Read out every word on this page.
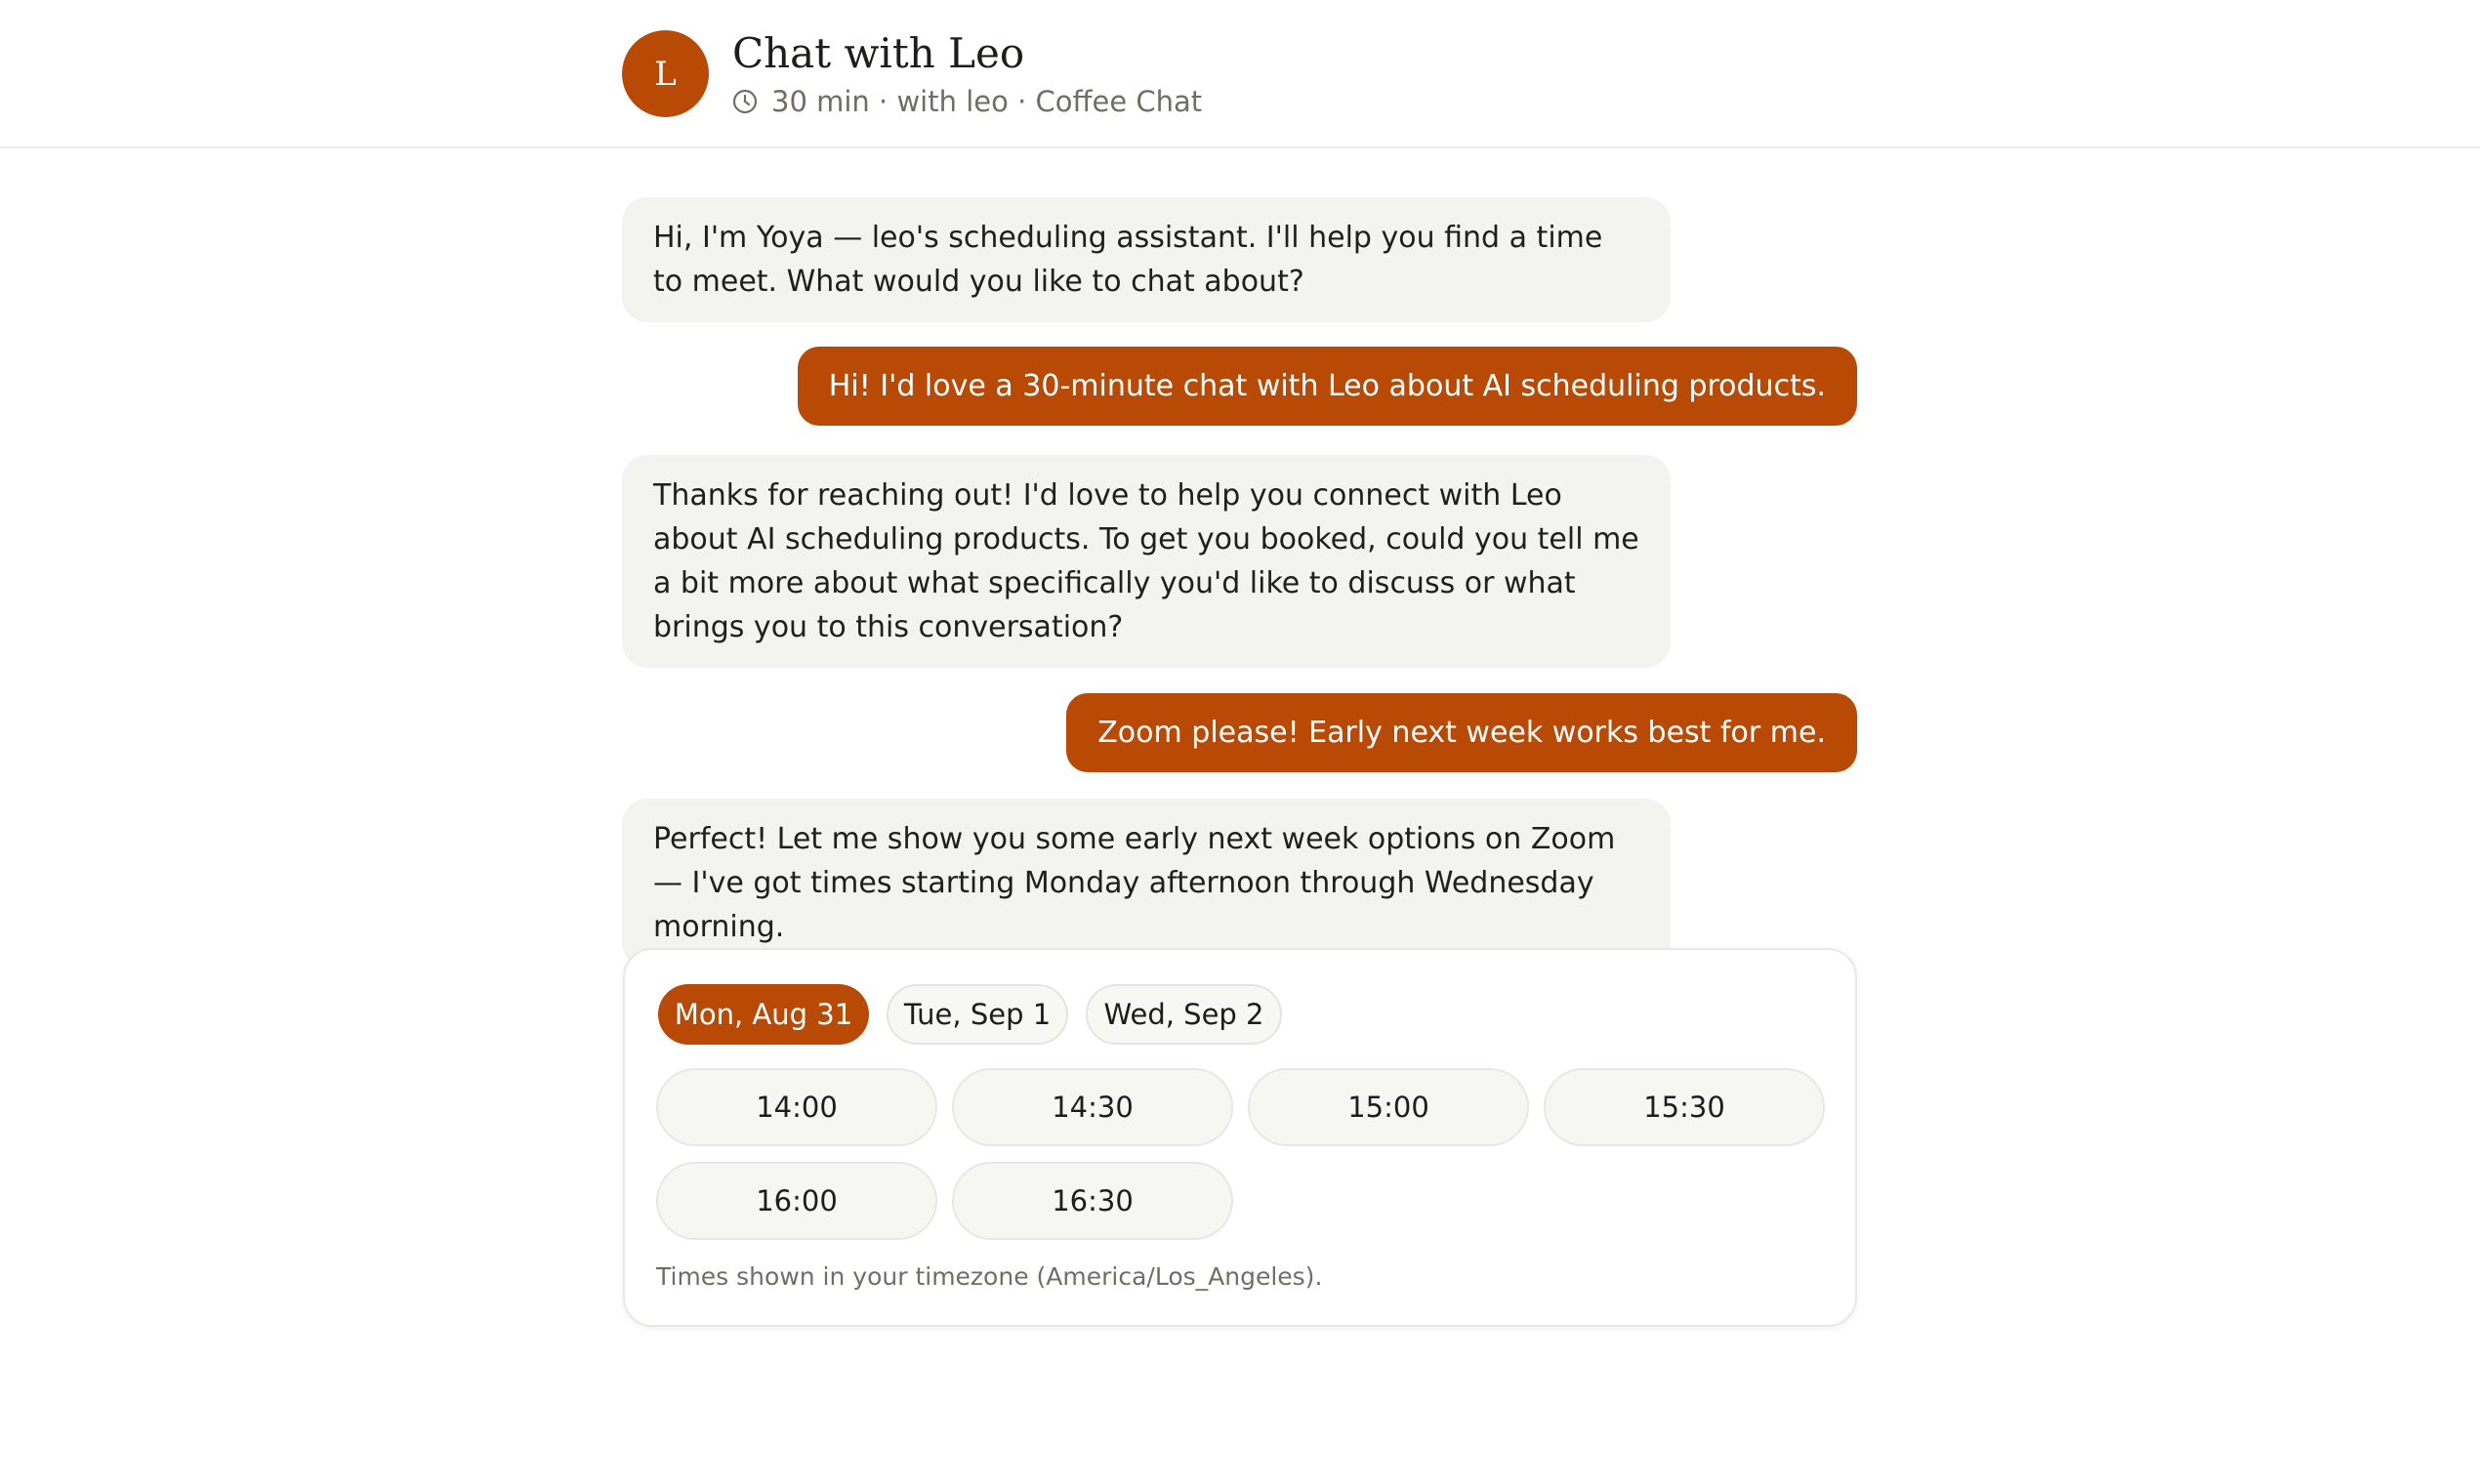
L	Chat with Leo
30 min · with leo · Coffee Chat
Hi, I'm Yoya — leo's scheduling assistant. I'll help you find a time to meet. What would you like to chat about?
Hi! I'd love a 30-minute chat with Leo about AI scheduling products.
Thanks for reaching out! I'd love to help you connect with Leo about AI scheduling products. To get you booked, could you tell me a bit more about what specifically you'd like to discuss or what brings you to this conversation?
Zoom please! Early next week works best for me.
Perfect! Let me show you some early next week options on Zoom — I've got times starting Monday afternoon through Wednesday morning.
Mon, Aug 31	Tue, Sep 1	Wed, Sep 2
14:00	14:30	15:00	15:30
16:00	16:30
Times shown in your timezone (America/Los_Angeles).
